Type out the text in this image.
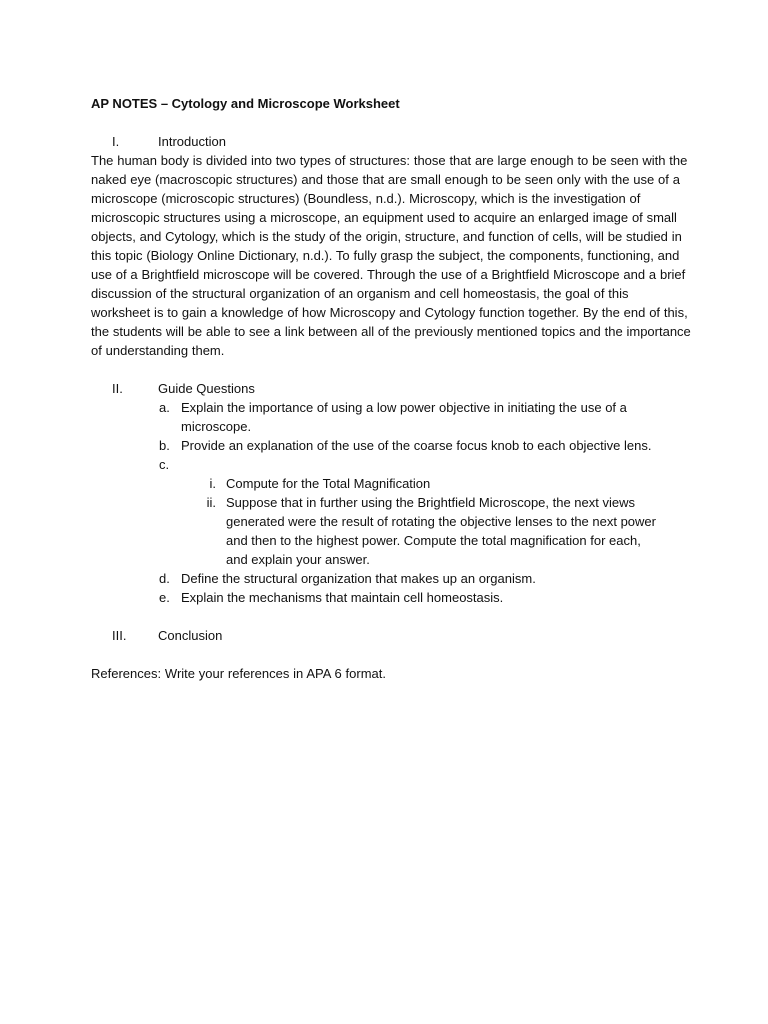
AP NOTES – Cytology and Microscope Worksheet
I.	Introduction

The human body is divided into two types of structures: those that are large enough to be seen with the naked eye (macroscopic structures) and those that are small enough to be seen only with the use of a microscope (microscopic structures) (Boundless, n.d.). Microscopy, which is the investigation of microscopic structures using a microscope, an equipment used to acquire an enlarged image of small objects, and Cytology, which is the study of the origin, structure, and function of cells, will be studied in this topic (Biology Online Dictionary, n.d.). To fully grasp the subject, the components, functioning, and use of a Brightfield microscope will be covered. Through the use of a Brightfield Microscope and a brief discussion of the structural organization of an organism and cell homeostasis, the goal of this worksheet is to gain a knowledge of how Microscopy and Cytology function together. By the end of this, the students will be able to see a link between all of the previously mentioned topics and the importance of understanding them.

II.	Guide Questions
a. Explain the importance of using a low power objective in initiating the use of a microscope.
b. Provide an explanation of the use of the coarse focus knob to each objective lens.
c.
i. Compute for the Total Magnification
ii. Suppose that in further using the Brightfield Microscope, the next views generated were the result of rotating the objective lenses to the next power and then to the highest power. Compute the total magnification for each, and explain your answer.
d. Define the structural organization that makes up an organism.
e. Explain the mechanisms that maintain cell homeostasis.
III.	Conclusion

References: Write your references in APA 6 format.
